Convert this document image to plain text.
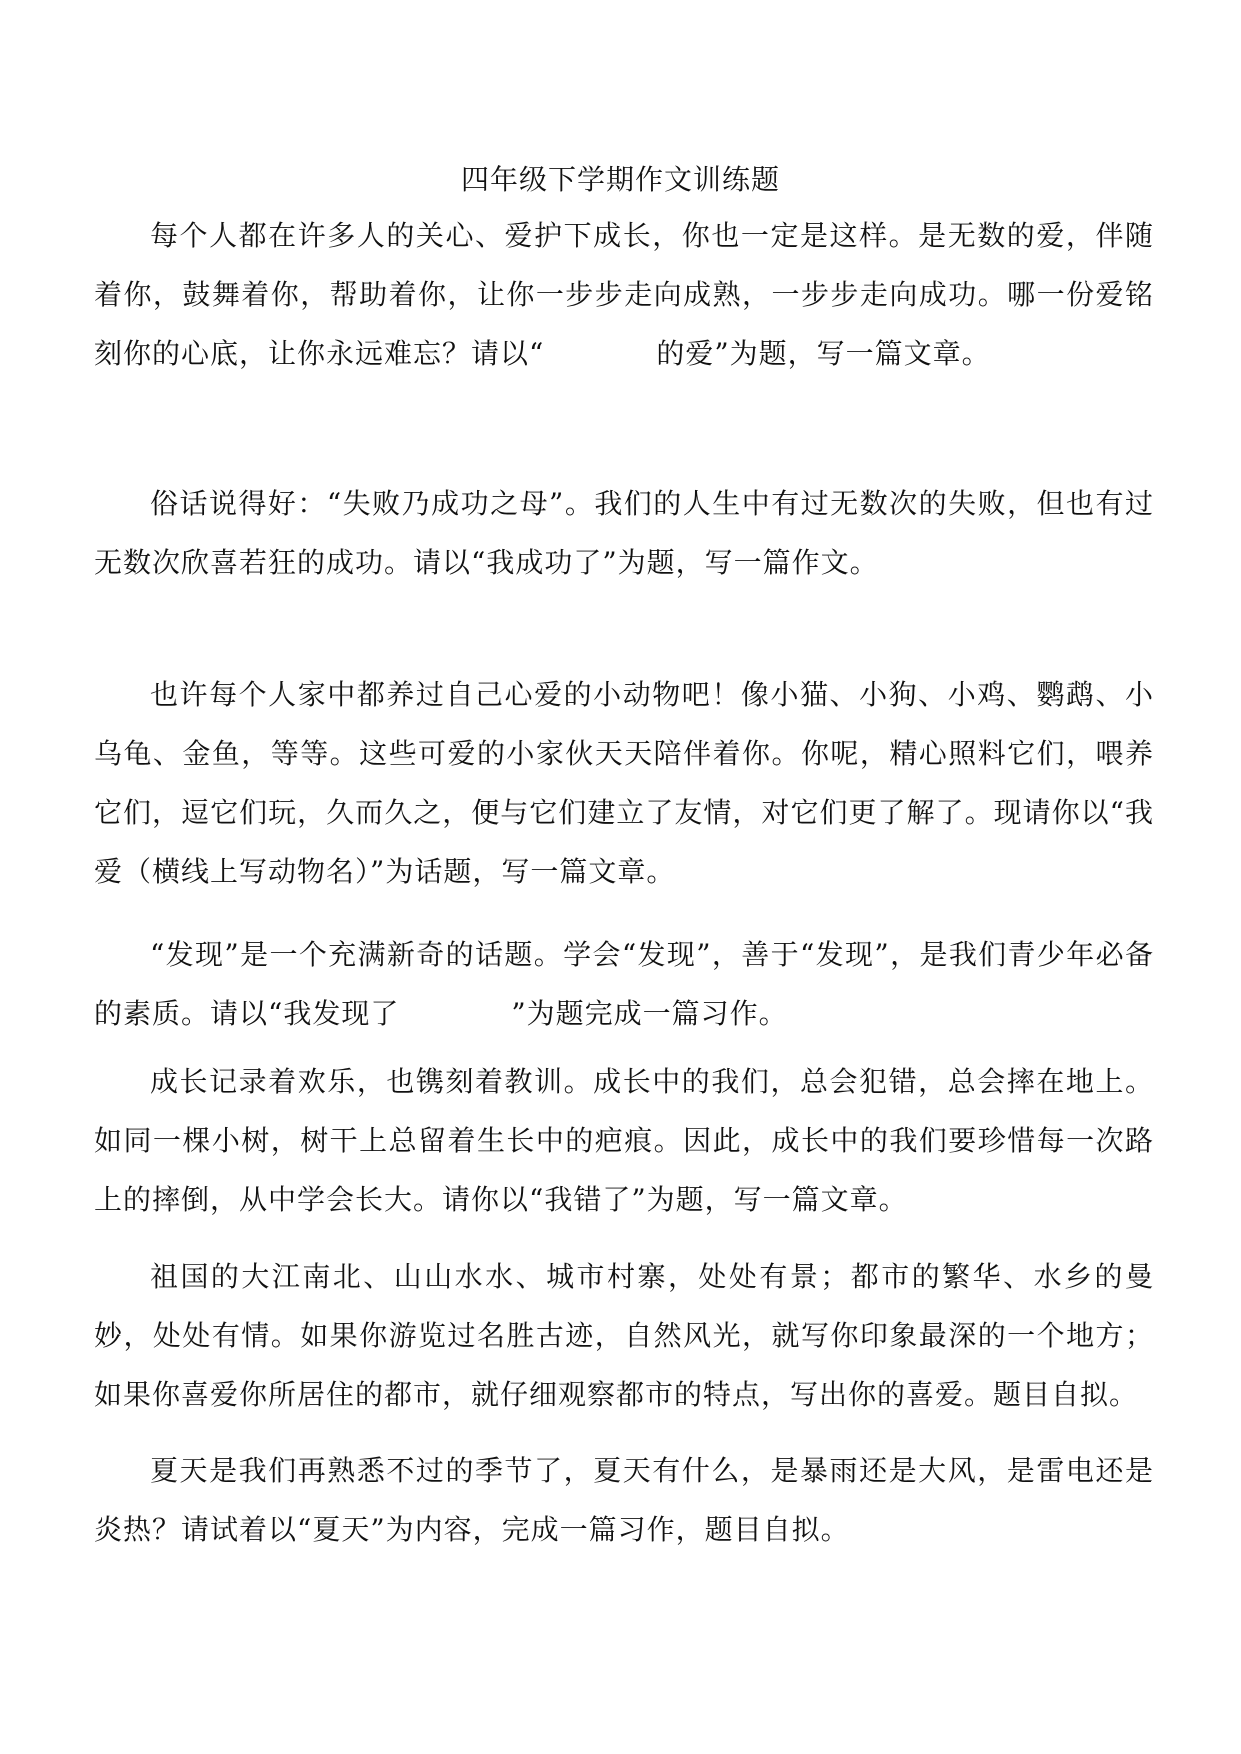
四年级下学期作文训练题

每个人都在许多人的关心、爱护下成长，你也一定是这样。是无数的爱，伴随着你，鼓舞着你，帮助着你，让你一步步走向成熟，一步步走向成功。哪一份爱铭刻你的心底，让你永远难忘？请以“	的爱”为题，写一篇文章。

俗话说得好：“失败乃成功之母”。我们的人生中有过无数次的失败，但也有过无数次欣喜若狂的成功。请以“我成功了”为题，写一篇作文。

也许每个人家中都养过自己心爱的小动物吧！像小猫、小狗、小鸡、鹦鹉、小乌龟、金鱼，等等。这些可爱的小家伙天天陪伴着你。你呢，精心照料它们，喂养它们，逗它们玩，久而久之，便与它们建立了友情，对它们更了解了。现请你以“我爱（横线上写动物名）”为话题，写一篇文章。

“发现”是一个充满新奇的话题。学会“发现”，善于“发现”，是我们青少年必备的素质。请以“我发现了	”为题完成一篇习作。

成长记录着欢乐，也镌刻着教训。成长中的我们，总会犯错，总会摔在地上。如同一棵小树，树干上总留着生长中的疤痕。因此，成长中的我们要珍惜每一次路上的摔倒，从中学会长大。请你以“我错了”为题，写一篇文章。

祖国的大江南北、山山水水、城市村寨，处处有景；都市的繁华、水乡的曼妙，处处有情。如果你游览过名胜古迹，自然风光，就写你印象最深的一个地方；如果你喜爱你所居住的都市，就仔细观察都市的特点，写出你的喜爱。题目自拟。

夏天是我们再熟悉不过的季节了，夏天有什么，是暴雨还是大风，是雷电还是炎热？请试着以“夏天”为内容，完成一篇习作，题目自拟。
